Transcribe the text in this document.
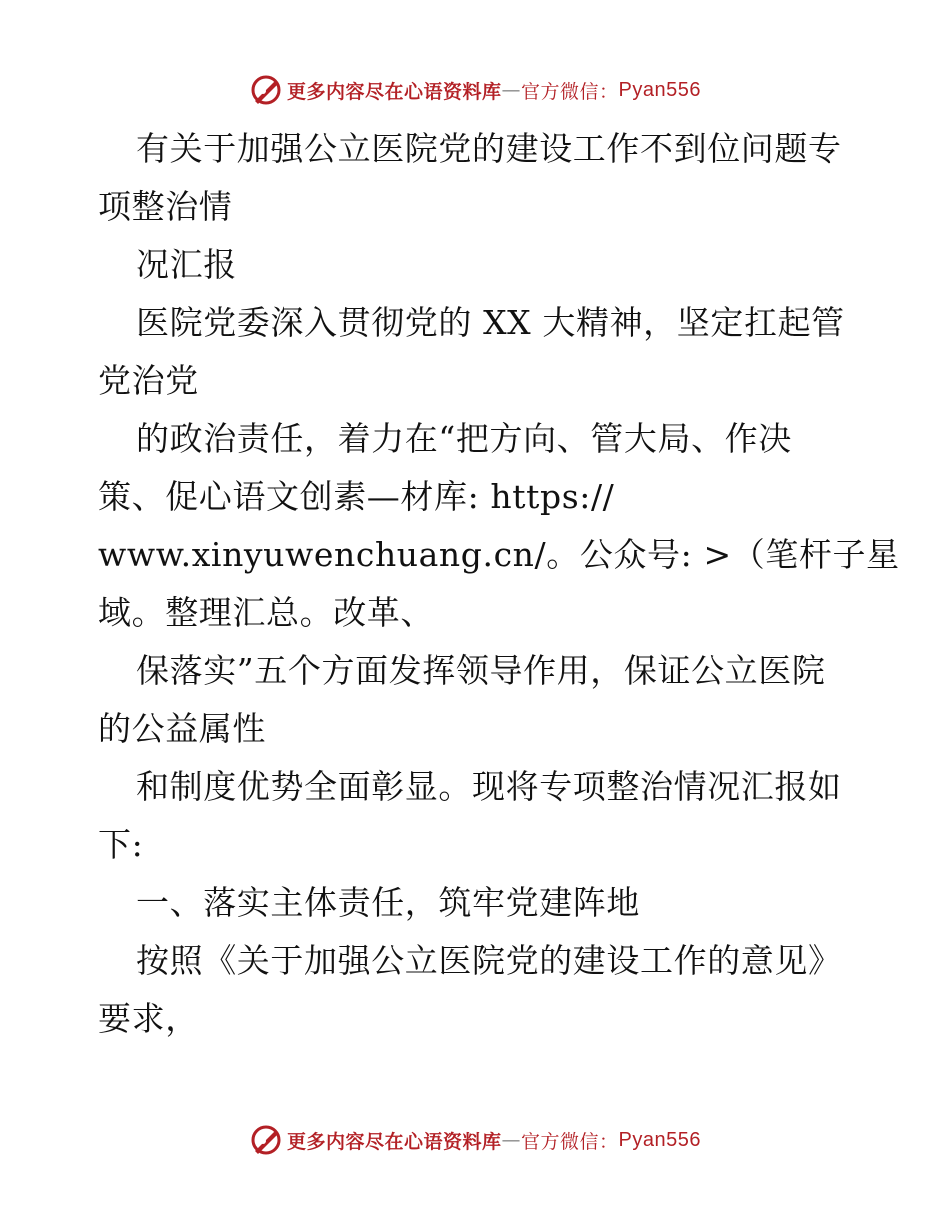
更多内容尽在心语资料库 — 官方微信： Pyan556
有关于加强公立医院党的建设工作不到位问题专
项整治情
况汇报
医院党委深入贯彻党的 XX 大精神，坚定扛起管
党治党
的政治责任，着力在“把方向、管大局、作决
策、促心语文创素—材库: https://
www.xinyuwenchuang.cn/。公众号: >（笔杆子星
域。整理汇总。改革、
保落实”五个方面发挥领导作用，保证公立医院
的公益属性
和制度优势全面彰显。现将专项整治情况汇报如
下:
一、落实主体责任，筑牢党建阵地
按照《关于加强公立医院党的建设工作的意见》
要求，
更多内容尽在心语资料库 — 官方微信： Pyan556
